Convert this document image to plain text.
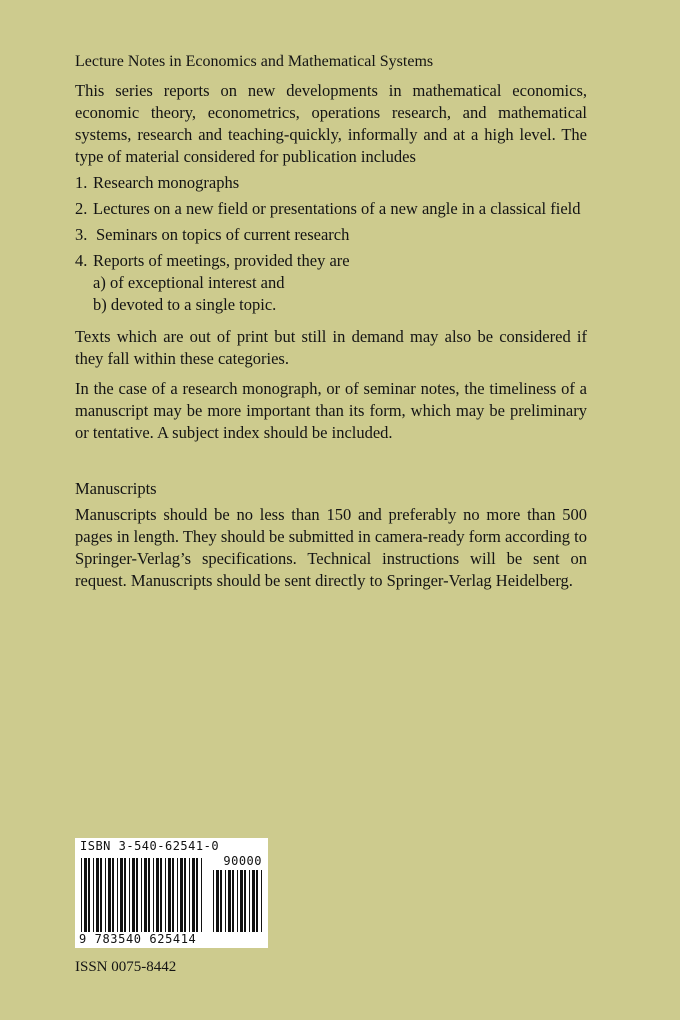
Lecture Notes in Economics and Mathematical Systems
This series reports on new developments in mathematical economics, economic theory, econometrics, operations research, and mathematical systems, research and teaching-quickly, informally and at a high level. The type of material considered for publication includes
1. Research monographs
2. Lectures on a new field or presentations of a new angle in a classical field
3. Seminars on topics of current research
4. Reports of meetings, provided they are
a) of exceptional interest and
b) devoted to a single topic.
Texts which are out of print but still in demand may also be considered if they fall within these categories.
In the case of a research monograph, or of seminar notes, the timeliness of a manuscript may be more important than its form, which may be preliminary or tentative. A subject index should be included.
Manuscripts
Manuscripts should be no less than 150 and preferably no more than 500 pages in length. They should be submitted in camera-ready form according to Springer-Verlag’s specifications. Technical instructions will be sent on request. Manuscripts should be sent directly to Springer-Verlag Heidelberg.
ISBN 3-540-62541-0
90000
9 783540 625414
ISSN 0075-8442
